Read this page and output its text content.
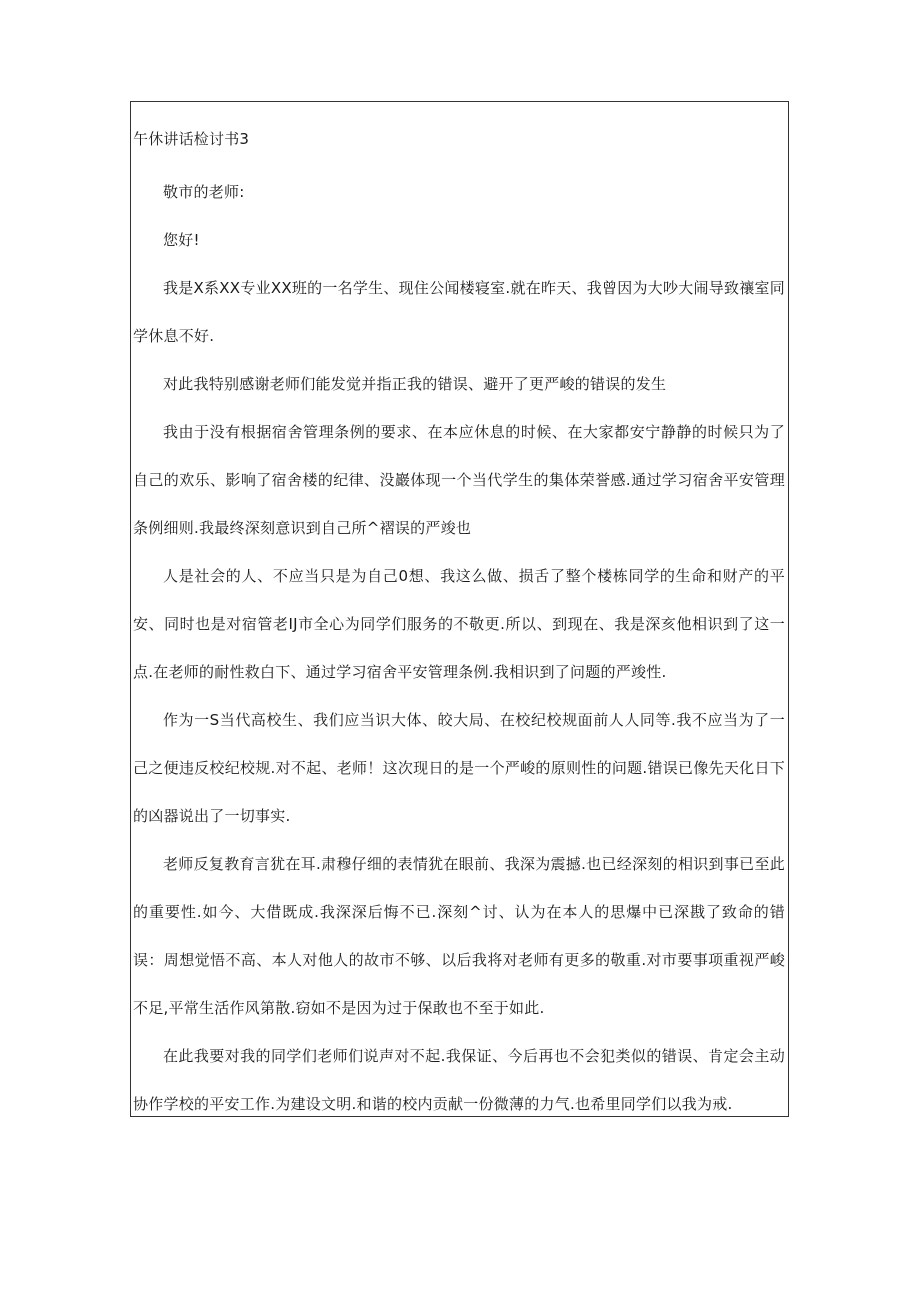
午休讲话检讨书3

敬市的老师:

您好!

我是X系XX专业XX班的一名学生、现住公闻楼寝室.就在昨天、我曾因为大吵大闹导致禳室同学休息不好.

对此我特别感谢老师们能发觉并指正我的错误、避开了更严峻的错误的发生

我由于没有根据宿舍管理条例的要求、在本应休息的时候、在大家都安宁静静的时候只为了自己的欢乐、影响了宿舍楼的纪律、没巖体现一个当代学生的集体荣誉感.通过学习宿舍平安管理条例细则.我最终深刻意识到自己所^褶误的严竣也

人是社会的人、不应当只是为自己0想、我这么做、损舌了整个楼栋同学的生命和财产的平安、同时也是对宿管老IJ市全心为同学们服务的不敬更.所以、到现在、我是深亥他相识到了这一点.在老师的耐性救白下、通过学习宿舍平安管理条例.我相识到了问题的严竣性.

作为一S当代高校生、我们应当识大体、皎大局、在校纪校规面前人人同等.我不应当为了一己之便违反校纪校规.对不起、老师！这次现日的是一个严峻的原则性的问题.错误已像先天化日下的凶器说出了一切事实.

老师反复教育言犹在耳.肃穆仔细的表情犹在眼前、我深为震撼.也已经深刻的相识到事已至此的重要性.如今、大借既成.我深深后悔不已.深刻^讨、认为在本人的思爆中已深戡了致命的错误：周想觉悟不高、本人对他人的故市不够、以后我将对老师有更多的敬重.对市要事项重视严峻不足,平常生活作风第散.窃如不是因为过于保敢也不至于如此.

在此我要对我的同学们老师们说声对不起.我保证、今后再也不会犯类似的错误、肯定会主动协作学校的平安工作.为建设文明.和谐的校内贡献一份微薄的力气.也希里同学们以我为戒.
